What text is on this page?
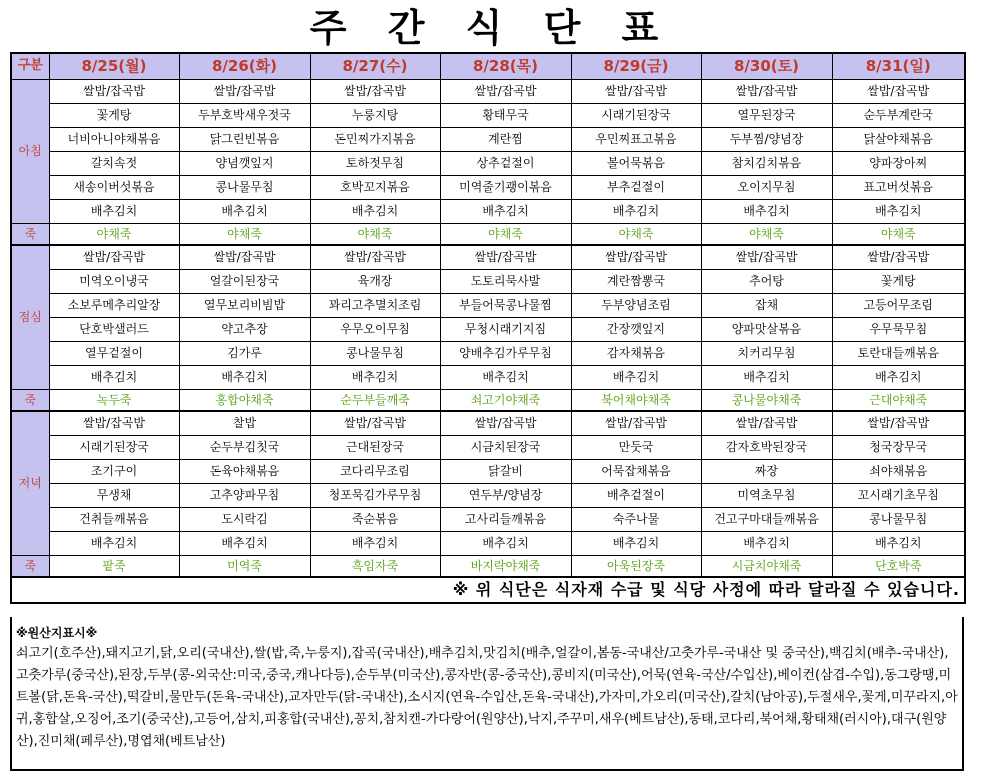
주 간 식 단 표
구분	8/25(월)	8/26(화)	8/27(수)	8/28(목)	8/29(금)	8/30(토)	8/31(일)
아침	쌀밥/잡곡밥	쌀밥/잡곡밥	쌀밥/잡곡밥	쌀밥/잡곡밥	쌀밥/잡곡밥	쌀밥/잡곡밥	쌀밥/잡곡밥
	꽃게탕	두부호박새우젓국	누룽지탕	황태무국	시래기된장국	열무된장국	순두부계란국
	너비아니야채볶음	닭그린빈볶음	돈민찌가지볶음	계란찜	우민찌표고볶음	두부찜/양념장	닭살야채볶음
	갈치속젓	양념깻잎지	토하젓무침	상추겉절이	볼어묵볶음	참치김치볶음	양파장아찌
	새송이버섯볶음	콩나물무침	호박꼬지볶음	미역줄기괭이볶음	부추겉절이	오이지무침	표고버섯볶음
	배추김치	배추김치	배추김치	배추김치	배추김치	배추김치	배추김치
죽	야채죽	야채죽	야채죽	야채죽	야채죽	야채죽	야채죽
점심	쌀밥/잡곡밥	쌀밥/잡곡밥	쌀밥/잡곡밥	쌀밥/잡곡밥	쌀밥/잡곡밥	쌀밥/잡곡밥	쌀밥/잡곡밥
	미역오이냉국	얼갈이된장국	육개장	도토리묵사발	계란짬뽕국	추어탕	꽃게탕
	소보루메추리알장	열무보리비빔밥	꽈리고추멸치조림	부들어묵콩나물찜	두부양념조림	잡채	고등어무조림
	단호박샐러드	약고추장	우무오이무침	무청시래기지짐	간장깻잎지	양파맛살볶음	우무묵무침
	열무겉절이	김가루	콩나물무침	양배추김가루무침	감자채볶음	치커리무침	토란대들깨볶음
	배추김치	배추김치	배추김치	배추김치	배추김치	배추김치	배추김치
죽	녹두죽	홍합야채죽	순두부들깨죽	쇠고기야채죽	북어채야채죽	콩나물야채죽	근대야채죽
저녁	쌀밥/잡곡밥	찰밥	쌀밥/잡곡밥	쌀밥/잡곡밥	쌀밥/잡곡밥	쌀밥/잡곡밥	쌀밥/잡곡밥
	시래기된장국	순두부김칫국	근대된장국	시금치된장국	만둣국	감자호박된장국	청국장무국
	조기구이	돈육야채볶음	코다리무조림	닭갈비	어묵잡채볶음	짜장	쇠야채볶음
	무생채	고추양파무침	청포묵김가루무침	연두부/양념장	배추겉절이	미역초무침	꼬시래기초무침
	건취들깨볶음	도시락김	죽순볶음	고사리들깨볶음	숙주나물	건고구마대들깨볶음	콩나물무침
	배추김치	배추김치	배추김치	배추김치	배추김치	배추김치	배추김치
죽	팥죽	미역죽	흑임자죽	바지락야채죽	아욱된장죽	시금치야채죽	단호박죽
※ 위 식단은 식자재 수급 및 식당 사정에 따라 달라질 수 있습니다.							
※원산지표시※
쇠고기(호주산),돼지고기,닭,오리(국내산),쌀(밥,죽,누룽지),잡곡(국내산),배추김치,맛김치(배추,얼갈이,봄동-국내산/고춧가루-국내산 및 중국산),백김치(배추-국내산),고춧가루(중국산),된장,두부(콩-외국산:미국,중국,캐나다등),순두부(미국산),콩자반(콩-중국산),콩비지(미국산),어묵(연육-국산/수입산),베이컨(삼겹-수입),동그랑땡,미트볼(닭,돈육-국산),떡갈비,물만두(돈육-국내산),교자만두(닭-국내산),소시지(연육-수입산,돈육-국내산),가자미,가오리(미국산),갈치(남아공),두절새우,꽃게,미꾸라지,아귀,홍합살,오징어,조기(중국산),고등어,삼치,피홍합(국내산),꽁치,참치캔-가다랑어(원양산),낙지,주꾸미,새우(베트남산),동태,코다리,북어채,황태채(러시아),대구(원양산),진미채(페루산),명엽채(베트남산)
